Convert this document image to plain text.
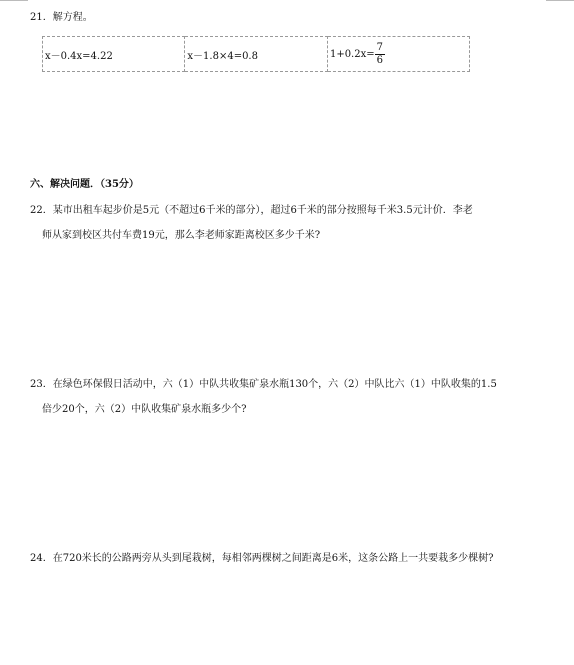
21．解方程。
x－0.4x=4.22	x－1.8×4=0.8	$1+0.2x= \frac{7}{6}$
六、解决问题．（35分）
22．某市出租车起步价是5元（不超过6千米的部分），超过6千米的部分按照每千米3.5元计价．李老
师从家到校区共付车费19元，那么李老师家距离校区多少千米?
23．在绿色环保假日活动中，六（1）中队共收集矿泉水瓶130个，六（2）中队比六（1）中队收集的1.5
倍少20个，六（2）中队收集矿泉水瓶多少个?
24．在720米长的公路两旁从头到尾栽树，每相邻两棵树之间距离是6米，这条公路上一共要栽多少棵树?
